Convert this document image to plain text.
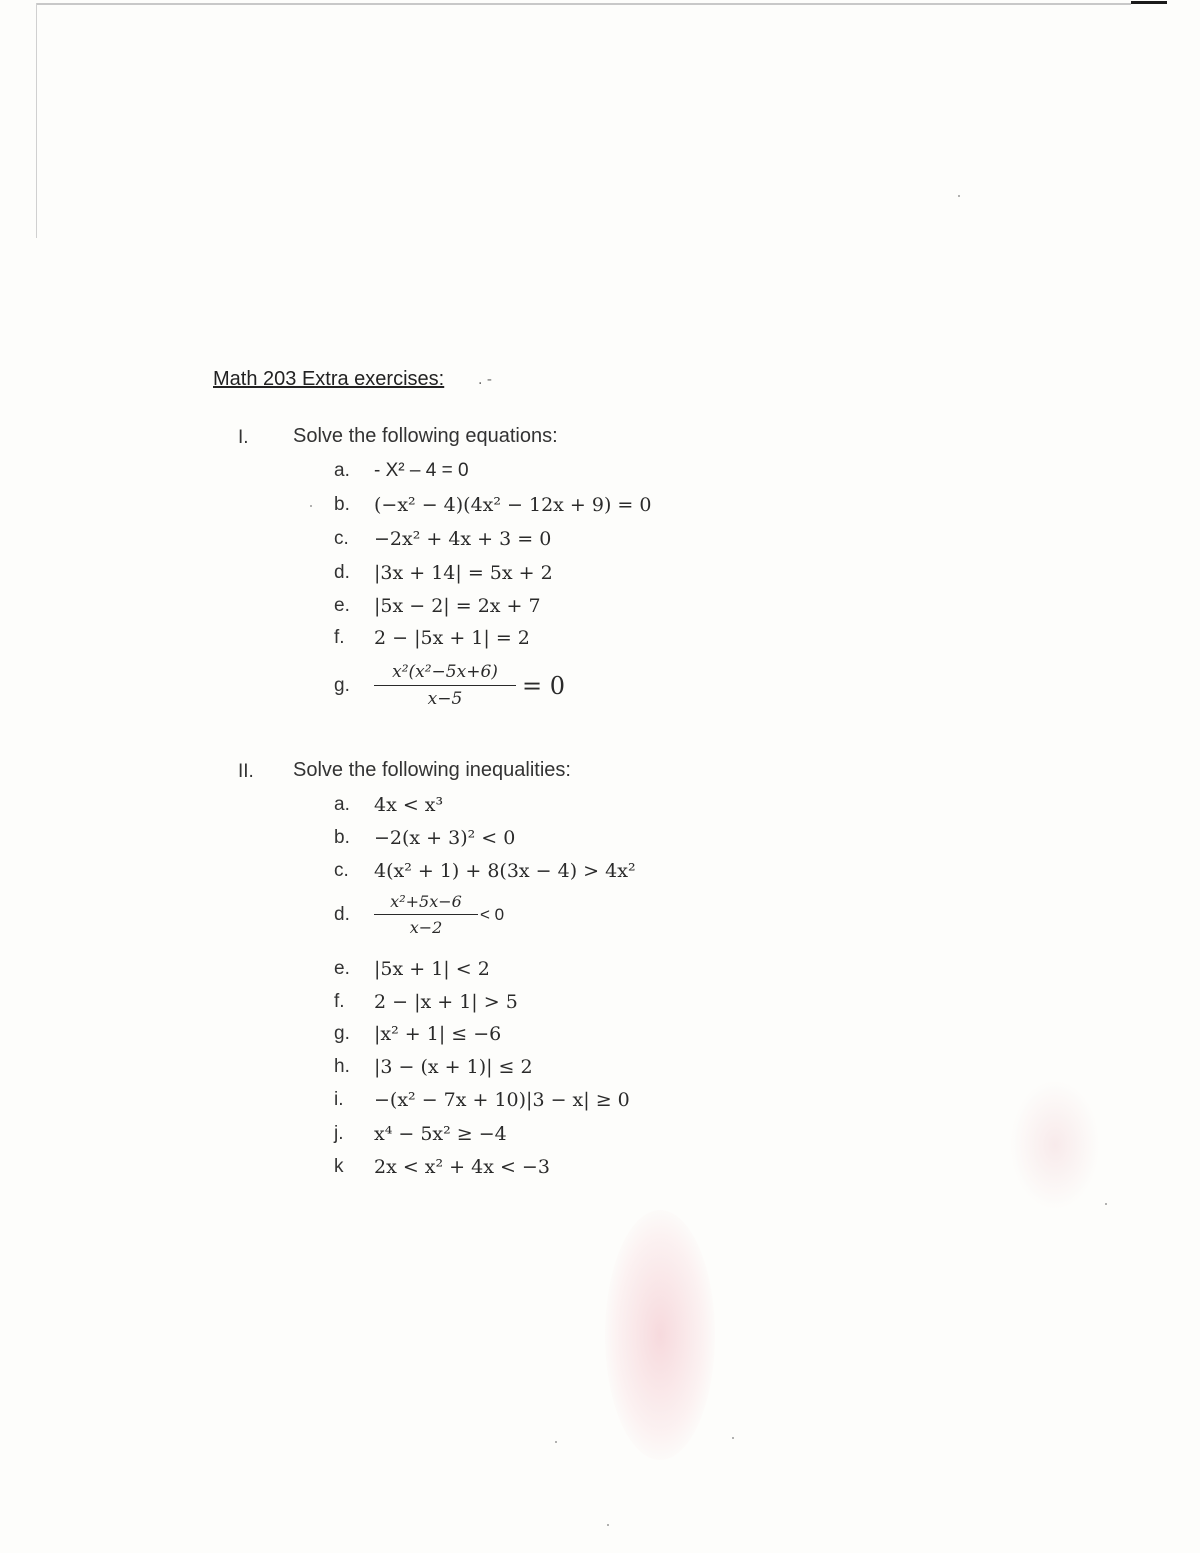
Math 203 Extra exercises: . -
I. Solve the following equations:
a.	- X² – 4 = 0
b.	(−x² − 4)(4x² − 12x + 9) = 0
c.	−2x² + 4x + 3 = 0
d.	|3x + 14| = 5x + 2
e.	|5x − 2| = 2x + 7
f.	2 − |5x + 1| = 2
g.	$\frac{\text{x²(x²−5x+6)}}{x-5} = 0$
II. Solve the following inequalities:
a.	4x < x³
b.	−2(x + 3)² < 0
c.	4(x² + 1) + 8(3x − 4) > 4x²
d.	$\frac{\text{x²+5x−6}}{x-2} < 0$
e.	|5x + 1| < 2
f.	2 − |x + 1| > 5
g.	|x² + 1| ≤ −6
h.	|3 − (x + 1)| ≤ 2
i.	−(x² − 7x + 10)|3 − x| ≥ 0
j.	x⁴ − 5x² ≥ −4
k	2x < x² + 4x < −3
